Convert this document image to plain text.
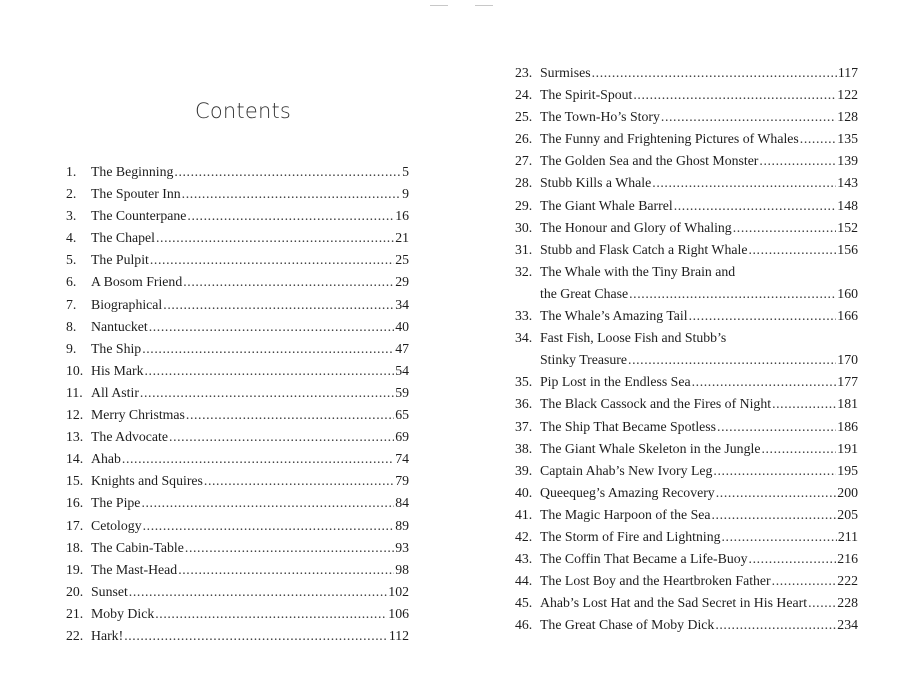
Contents
1.	The Beginning .....	5
2.	The Spouter Inn .....	9
3.	The Counterpane .....	16
4.	The Chapel .....	21
5.	The Pulpit .....	25
6.	A Bosom Friend .....	29
7.	Biographical .....	34
8.	Nantucket .....	40
9.	The Ship .....	47
10. His Mark .....	54
11. All Astir .....	59
12. Merry Christmas .....	65
13. The Advocate .....	69
14. Ahab .....	74
15. Knights and Squires .....	79
16. The Pipe .....	84
17. Cetology .....	89
18. The Cabin-Table .....	93
19. The Mast-Head .....	98
20. Sunset .....	102
21. Moby Dick .....	106
22. Hark! .....	112
23. Surmises .....	117
24. The Spirit-Spout .....	122
25. The Town-Ho’s Story .....	128
26. The Funny and Frightening Pictures of Whales .....	135
27. The Golden Sea and the Ghost Monster .....	139
28. Stubb Kills a Whale .....	143
29. The Giant Whale Barrel .....	148
30. The Honour and Glory of Whaling .....	152
31. Stubb and Flask Catch a Right Whale .....	156
32. The Whale with the Tiny Brain and
the Great Chase .....	160
33. The Whale’s Amazing Tail .....	166
34. Fast Fish, Loose Fish and Stubb’s
Stinky Treasure .....	170
35. Pip Lost in the Endless Sea .....	177
36. The Black Cassock and the Fires of Night .....	181
37. The Ship That Became Spotless .....	186
38. The Giant Whale Skeleton in the Jungle .....	191
39. Captain Ahab’s New Ivory Leg .....	195
40. Queequeg’s Amazing Recovery .....	200
41. The Magic Harpoon of the Sea .....	205
42. The Storm of Fire and Lightning .....	211
43. The Coffin That Became a Life-Buoy .....	216
44. The Lost Boy and the Heartbroken Father .....	222
45. Ahab’s Lost Hat and the Sad Secret in His Heart ..... 228
46. The Great Chase of Moby Dick .....	234
